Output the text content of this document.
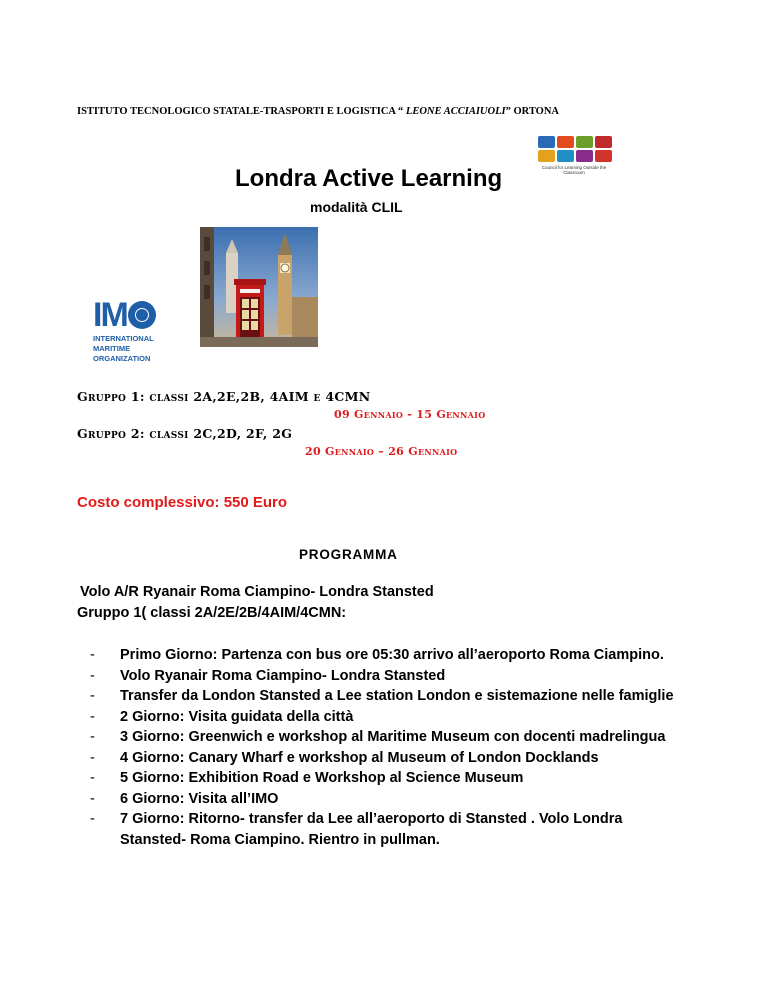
ISTITUTO TECNOLOGICO STATALE-TRASPORTI E LOGISTICA “ LEONE ACCIAIUOLI” ORTONA
Londra Active Learning
modalità CLIL
Council for Learning Outside the Classroom
IM
INTERNATIONAL
MARITIME
ORGANIZATION
Gruppo 1: classi 2A,2E,2B, 4AIM e 4CMN
09 Gennaio - 15 Gennaio
Gruppo 2: classi 2C,2D, 2F, 2G
20 Gennaio – 26 Gennaio
Costo complessivo: 550 Euro
PROGRAMMA
Volo A/R Ryanair Roma Ciampino- Londra Stansted
Gruppo 1( classi 2A/2E/2B/4AIM/4CMN:
- Primo Giorno: Partenza con bus ore 05:30 arrivo all’aeroporto Roma Ciampino.
- Volo Ryanair Roma Ciampino- Londra Stansted
- Transfer da London Stansted a Lee station London e sistemazione nelle famiglie
- 2 Giorno: Visita guidata della città
- 3 Giorno: Greenwich e workshop al Maritime Museum con docenti madrelingua
- 4 Giorno: Canary Wharf e workshop al Museum of London Docklands
- 5 Giorno: Exhibition Road e Workshop al Science Museum
- 6 Giorno: Visita all’IMO
- 7 Giorno: Ritorno- transfer da Lee all’aeroporto di Stansted . Volo Londra Stansted- Roma Ciampino. Rientro in pullman.
